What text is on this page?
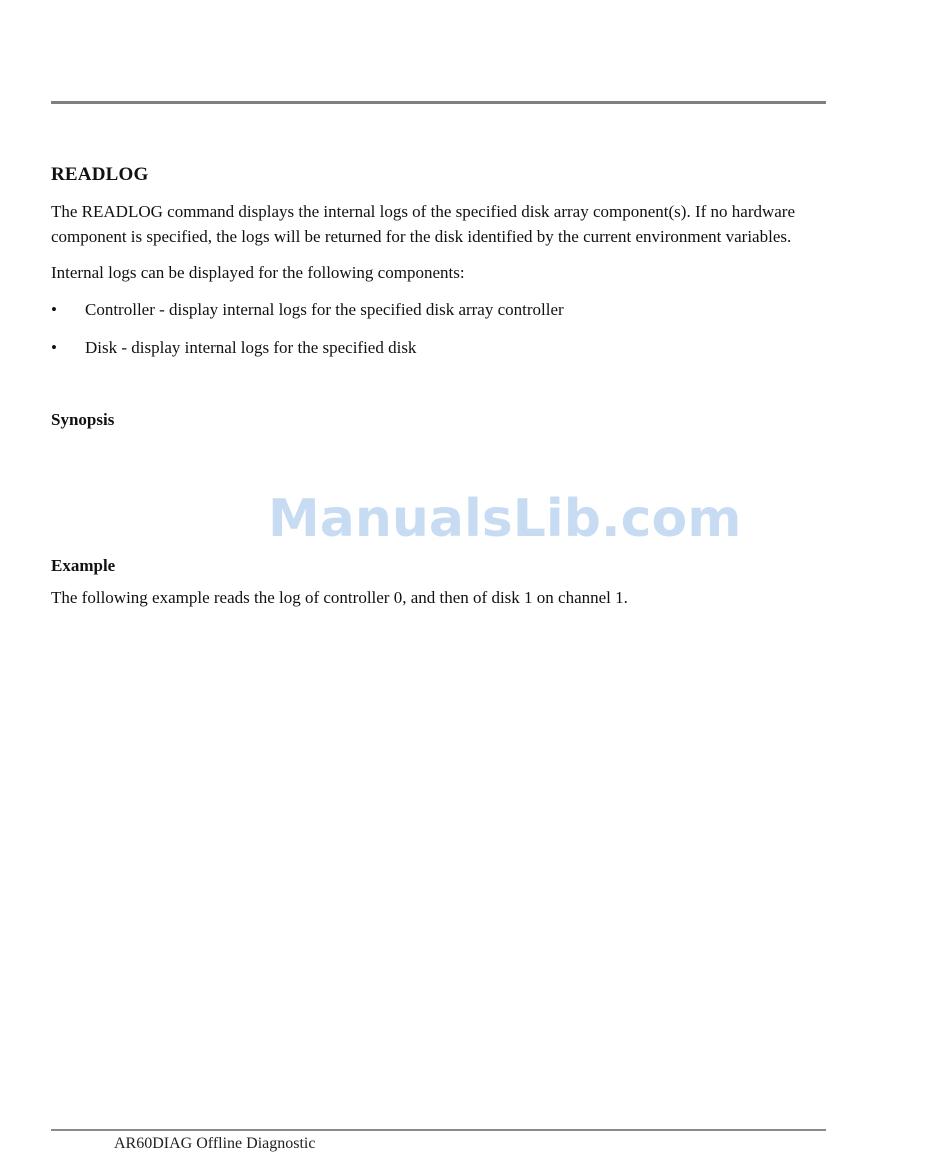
READLOG

The READLOG command displays the internal logs of the specified disk array component(s). If no hardware component is specified, the logs will be returned for the disk identified by the current environment variables.

Internal logs can be displayed for the following components:

• Controller - display internal logs for the specified disk array controller
• Disk - display internal logs for the specified disk
Synopsis
ManualsLib.com
Example

The following example reads the log of controller 0, and then of disk 1 on channel 1.

AR60DIAG Offline Diagnostic
